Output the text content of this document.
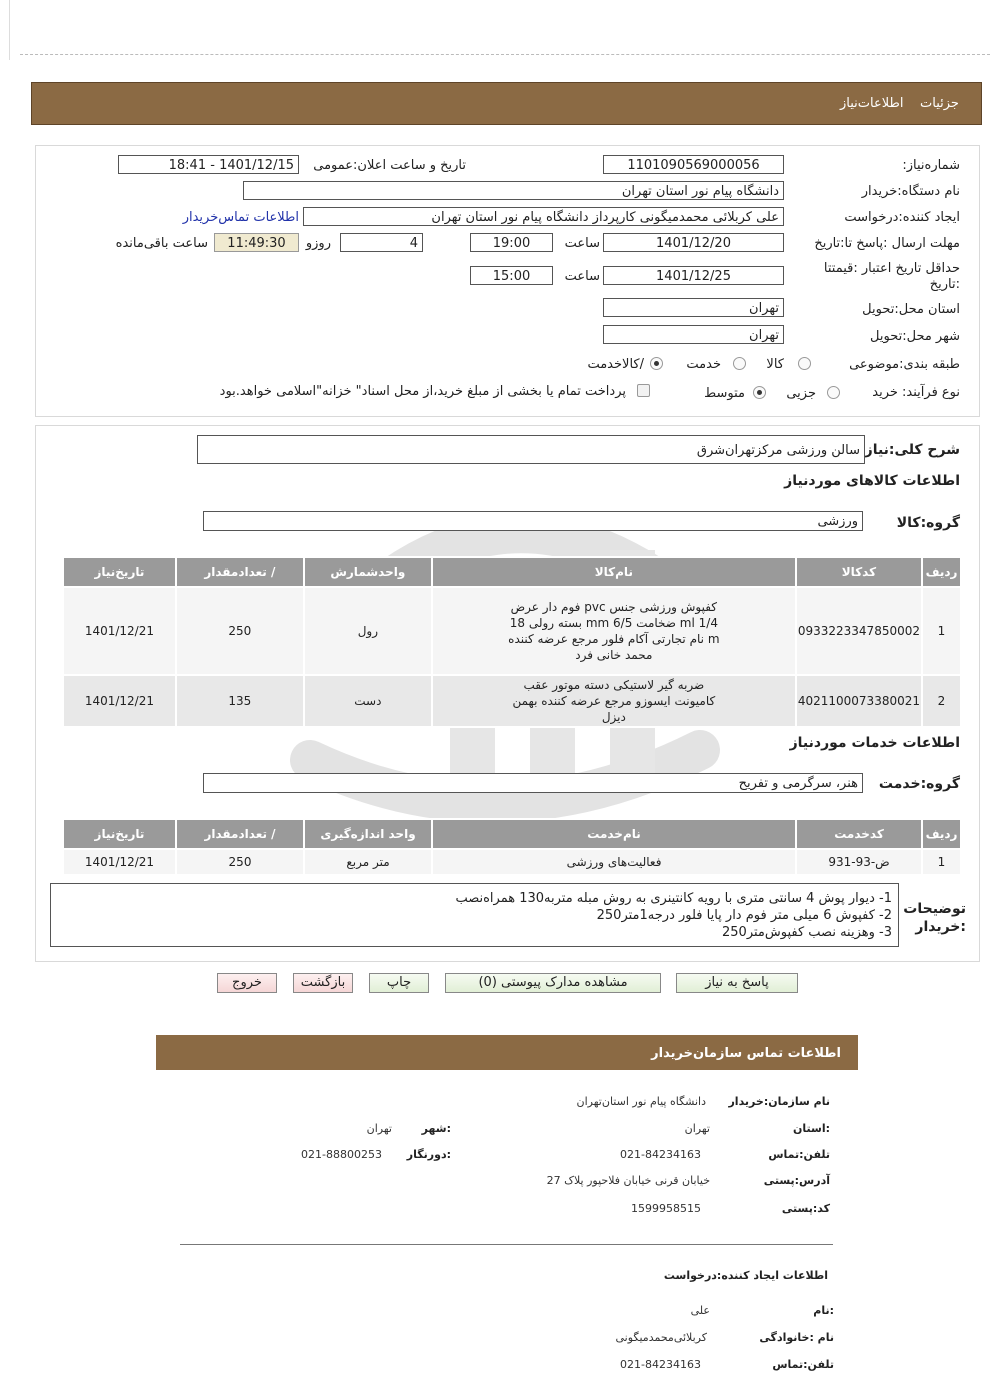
جزئیات
اطلاعات‌نیاز
شماره‌نیاز:
1101090569000056
تاریخ و ساعت اعلان:عمومی
1401/12/15 - 18:41
نام دستگاه:خریدار
دانشگاه پیام نور استان تهران
ایجاد کننده:درخواست
علی کربلائی محمدمیگونی کارپرداز دانشگاه پیام نور استان تهران
اطلاعات تماس‌خریدار
مهلت ارسال :پاسخ تا:تاریخ
1401/12/20
ساعت
19:00
4
روزو
11:49:30
ساعت باقی‌مانده
حداقل تاریخ اعتبار :قیمتتا :تاریخ
1401/12/25
ساعت
15:00
استان محل:تحویل
تهران
شهر محل:تحویل
تهران
طبقه بندی:موضوعی
کالا
خدمت
/کالاخدمت
نوع فرآیند: خرید
جزیی
متوسط
پرداخت تمام یا بخشی از مبلغ خرید،از محل اسناد" خزانه"اسلامی خواهد.بود
شرح کلی:نیاز
سالن ورزشی مرکزتهران‌شرق
اطلاعات کالاهای موردنیاز
گروه:کالا
ورزشی
ردیف	کدکالا	نام‌کالا	واحدشمارش	/ تعدادمقدار	تاریخ‌نیاز
1	0933223347850002	کفپوش ورزشی جنس pvc فوم دار عرض 1/4 ml ضخامت 6/5 mm بسته رولی 18 m نام تجارتی آکام فلور مرجع عرضه کننده محمد خانی فرد	رول	250	1401/12/21
2	4021100073380021	ضربه گیر لاستیکی دسته موتور عقب کامیونت ایسوزو مرجع عرضه کننده بهمن دیزل	دست	135	1401/12/21
اطلاعات خدمات موردنیاز
گروه:خدمت
هنر، سرگرمی و تفریح
ردیف	کدخدمت	نام‌خدمت	واحد اندازه‌گیری	/ تعدادمقدار	تاریخ‌نیاز
1	ض-93-931	فعالیت‌های ورزشی	متر مربع	250	1401/12/21
توضیحات :خریدار
1- دیوار پوش 4 سانتی متری با رویه کانتینری به روش مبله متربه130 همراه‌نصب
2- کفپوش 6 میلی متر فوم دار پایا فلور درجه1متر250
3- وهزینه نصب کفپوش‌متر250
پاسخ به نیاز
مشاهده مدارک پیوستی (0)
چاپ
بازگشت
خروج
اطلاعات تماس سازمان‌خریدار
نام سازمان:خریدار
دانشگاه پیام نور استان‌تهران
:استان
تهران
:شهر
تهران
تلفن:تماس
021-84234163
:دورنگار
021-88800253
آدرس:پستی
خیابان قرنی خیابان فلاحپور پلاک 27
کد:پستی
1599958515
اطلاعات ایجاد کننده:درخواست
:نام
علی
نام :خانوادگی
کربلائی‌محمدمیگونی
تلفن:تماس
021-84234163
